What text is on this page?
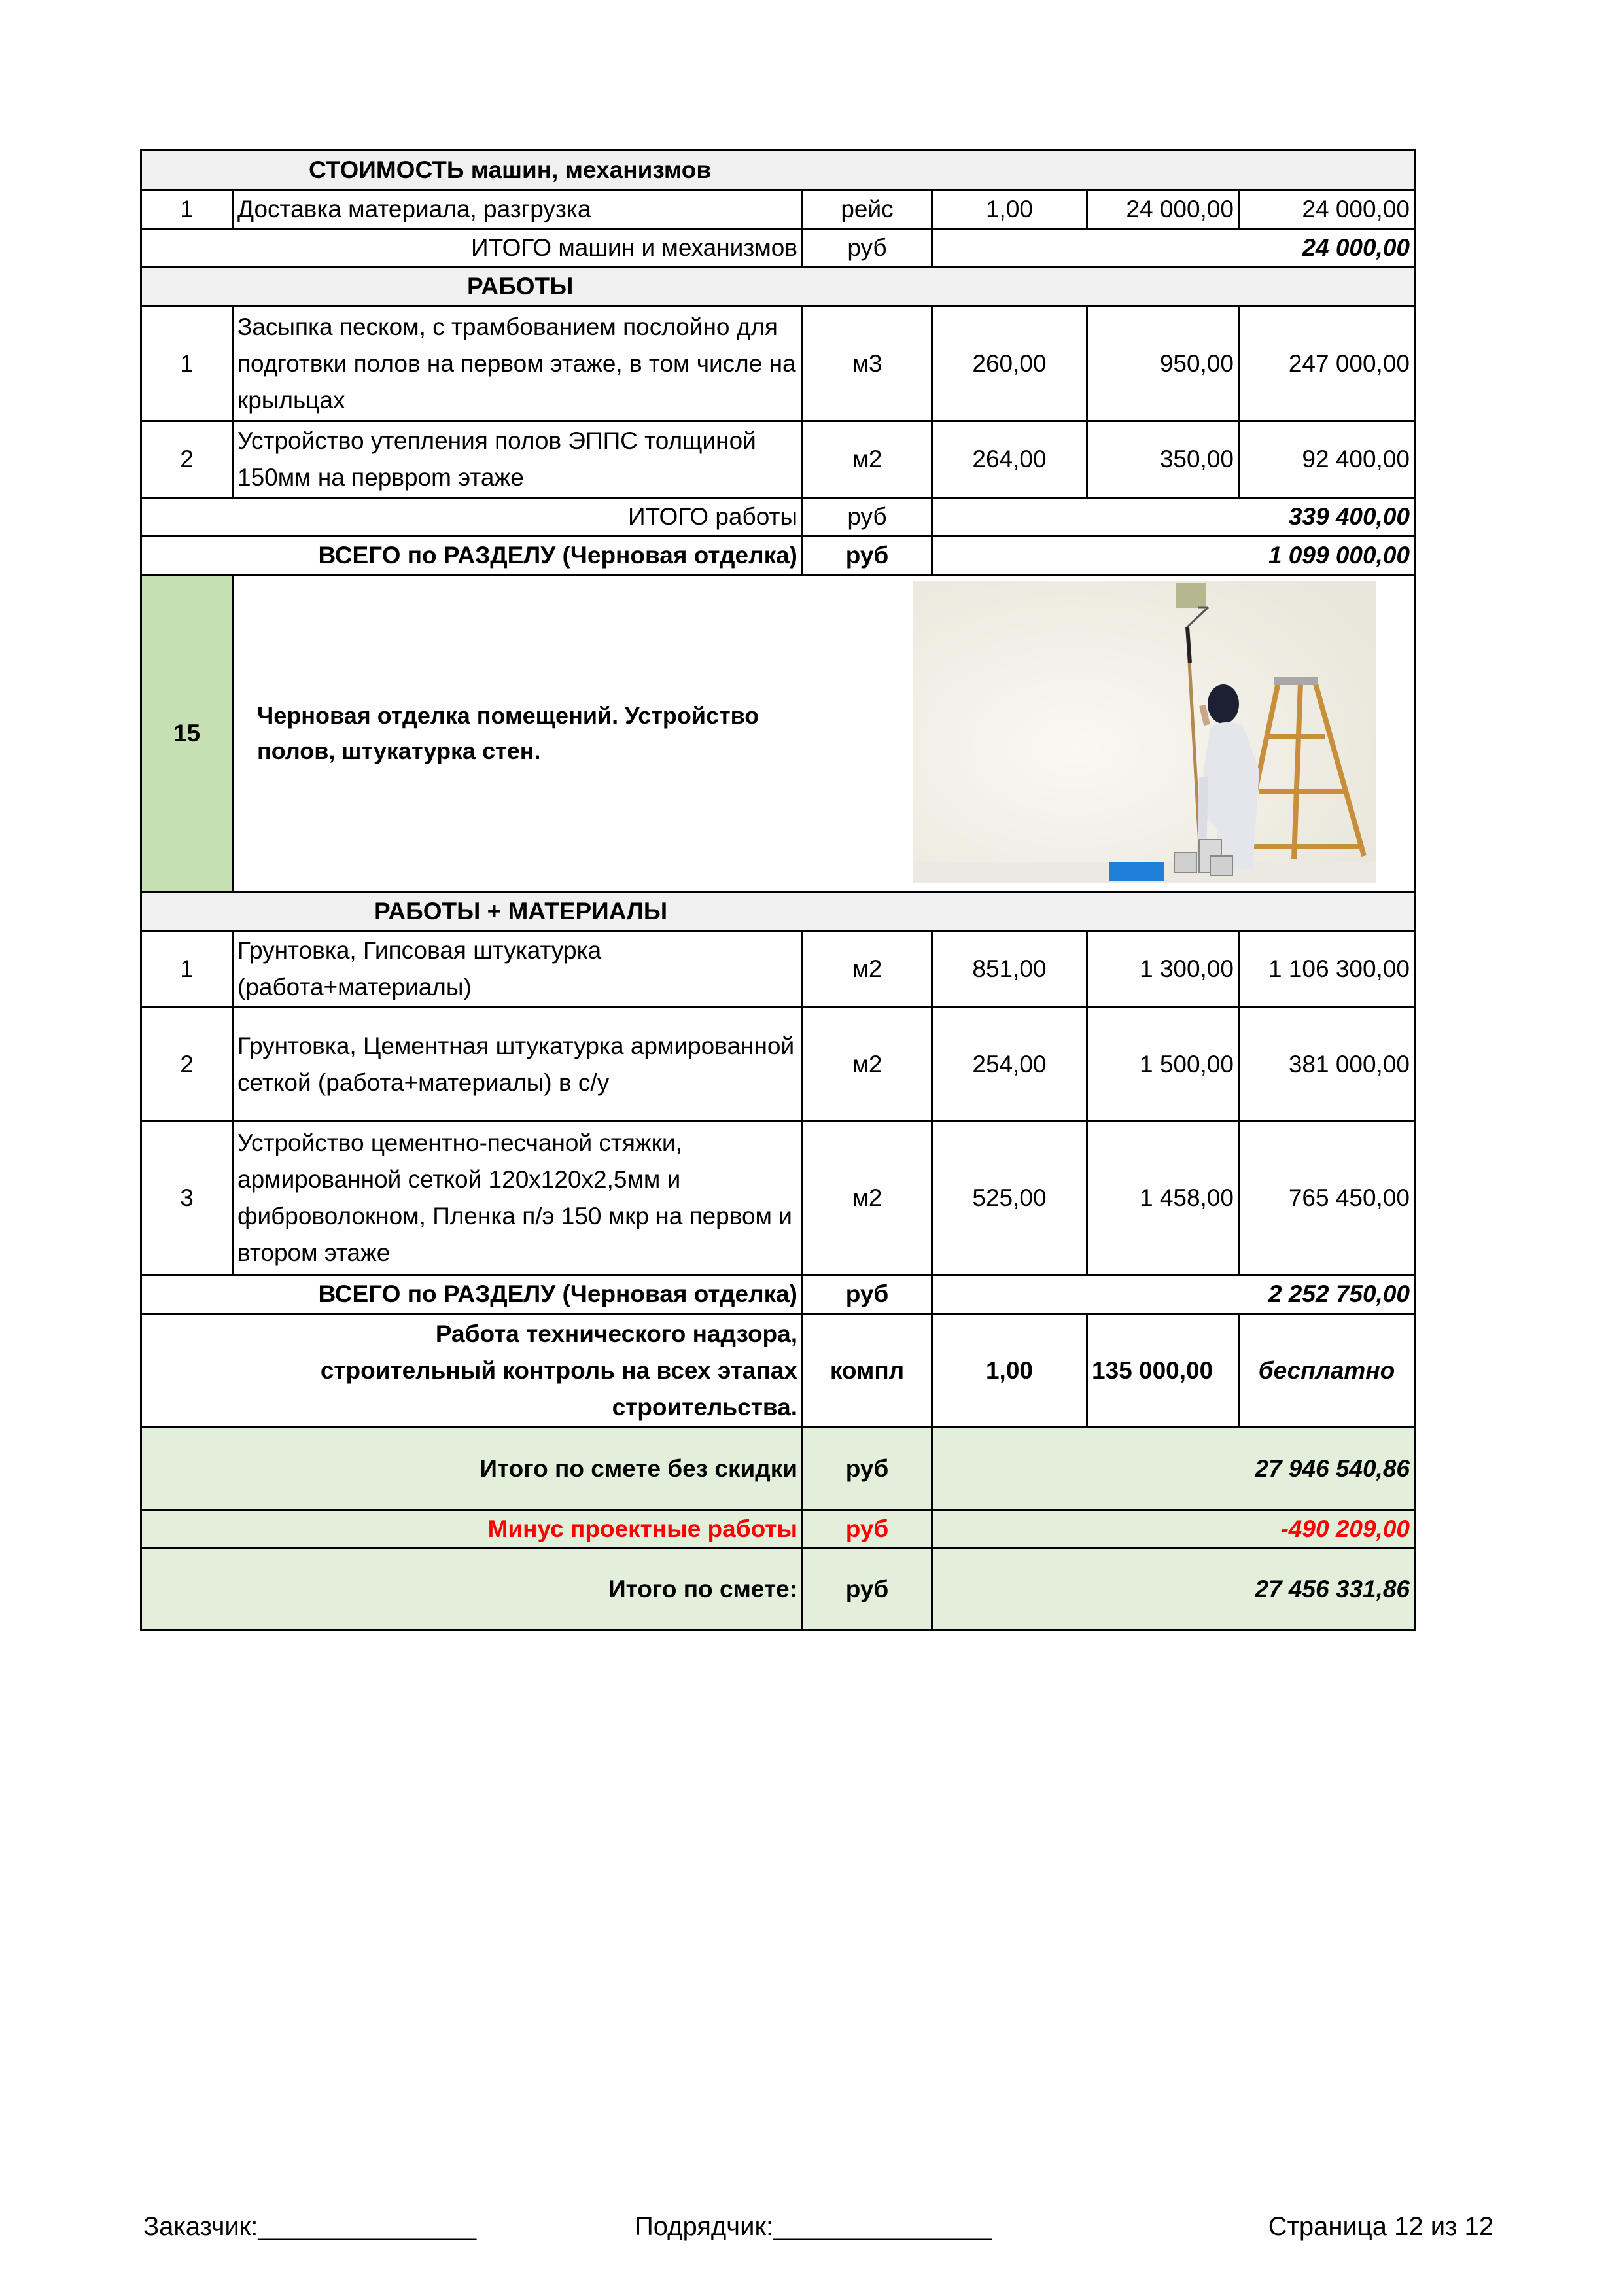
СТОИМОСТЬ машин, механизмов					
1	Доставка материала, разгрузка	рейс	1,00	24 000,00	24 000,00
ИТОГО машин и механизмов		руб	24 000,00		
РАБОТЫ					
1	Засыпка песком, с трамбованием послойно для подготвки полов на первом этаже, в том числе на крыльцах	м3	260,00	950,00	247 000,00
2	Устройство утепления полов ЭППС толщиной 150мм на перврom этаже	м2	264,00	350,00	92 400,00
ИТОГО работы		руб	339 400,00		
ВСЕГО по РАЗДЕЛУ (Черновая отделка)		руб	1 099 000,00		
15	Черновая отделка помещений. Устройство полов, штукатурка стен.				

РАБОТЫ + МАТЕРИАЛЫ					
1	Грунтовка, Гипсовая штукатурка (работа+материалы)	м2	851,00	1 300,00	1 106 300,00
2	Грунтовка, Цементная штукатурка армированной сеткой (работа+материалы) в с/у	м2	254,00	1 500,00	381 000,00
3	Устройство цементно-песчаной стяжки, армированной сеткой 120х120х2,5мм и фиброволокном, Пленка п/э 150 мкр на первом и втором этаже	м2	525,00	1 458,00	765 450,00
ВСЕГО по РАЗДЕЛУ (Черновая отделка)		руб	2 252 750,00		

Работа технического надзора, строительный контроль на всех этапах строительства.		компл	1,00	135 000,00	бесплатно
Итого по смете без скидки		руб	27 946 540,86		
Минус проектные работы		руб	-490 209,00		
Итого по смете:		руб	27 456 331,86		
Заказчик:_______________	Подрядчик:_______________	Страница 12 из 12
